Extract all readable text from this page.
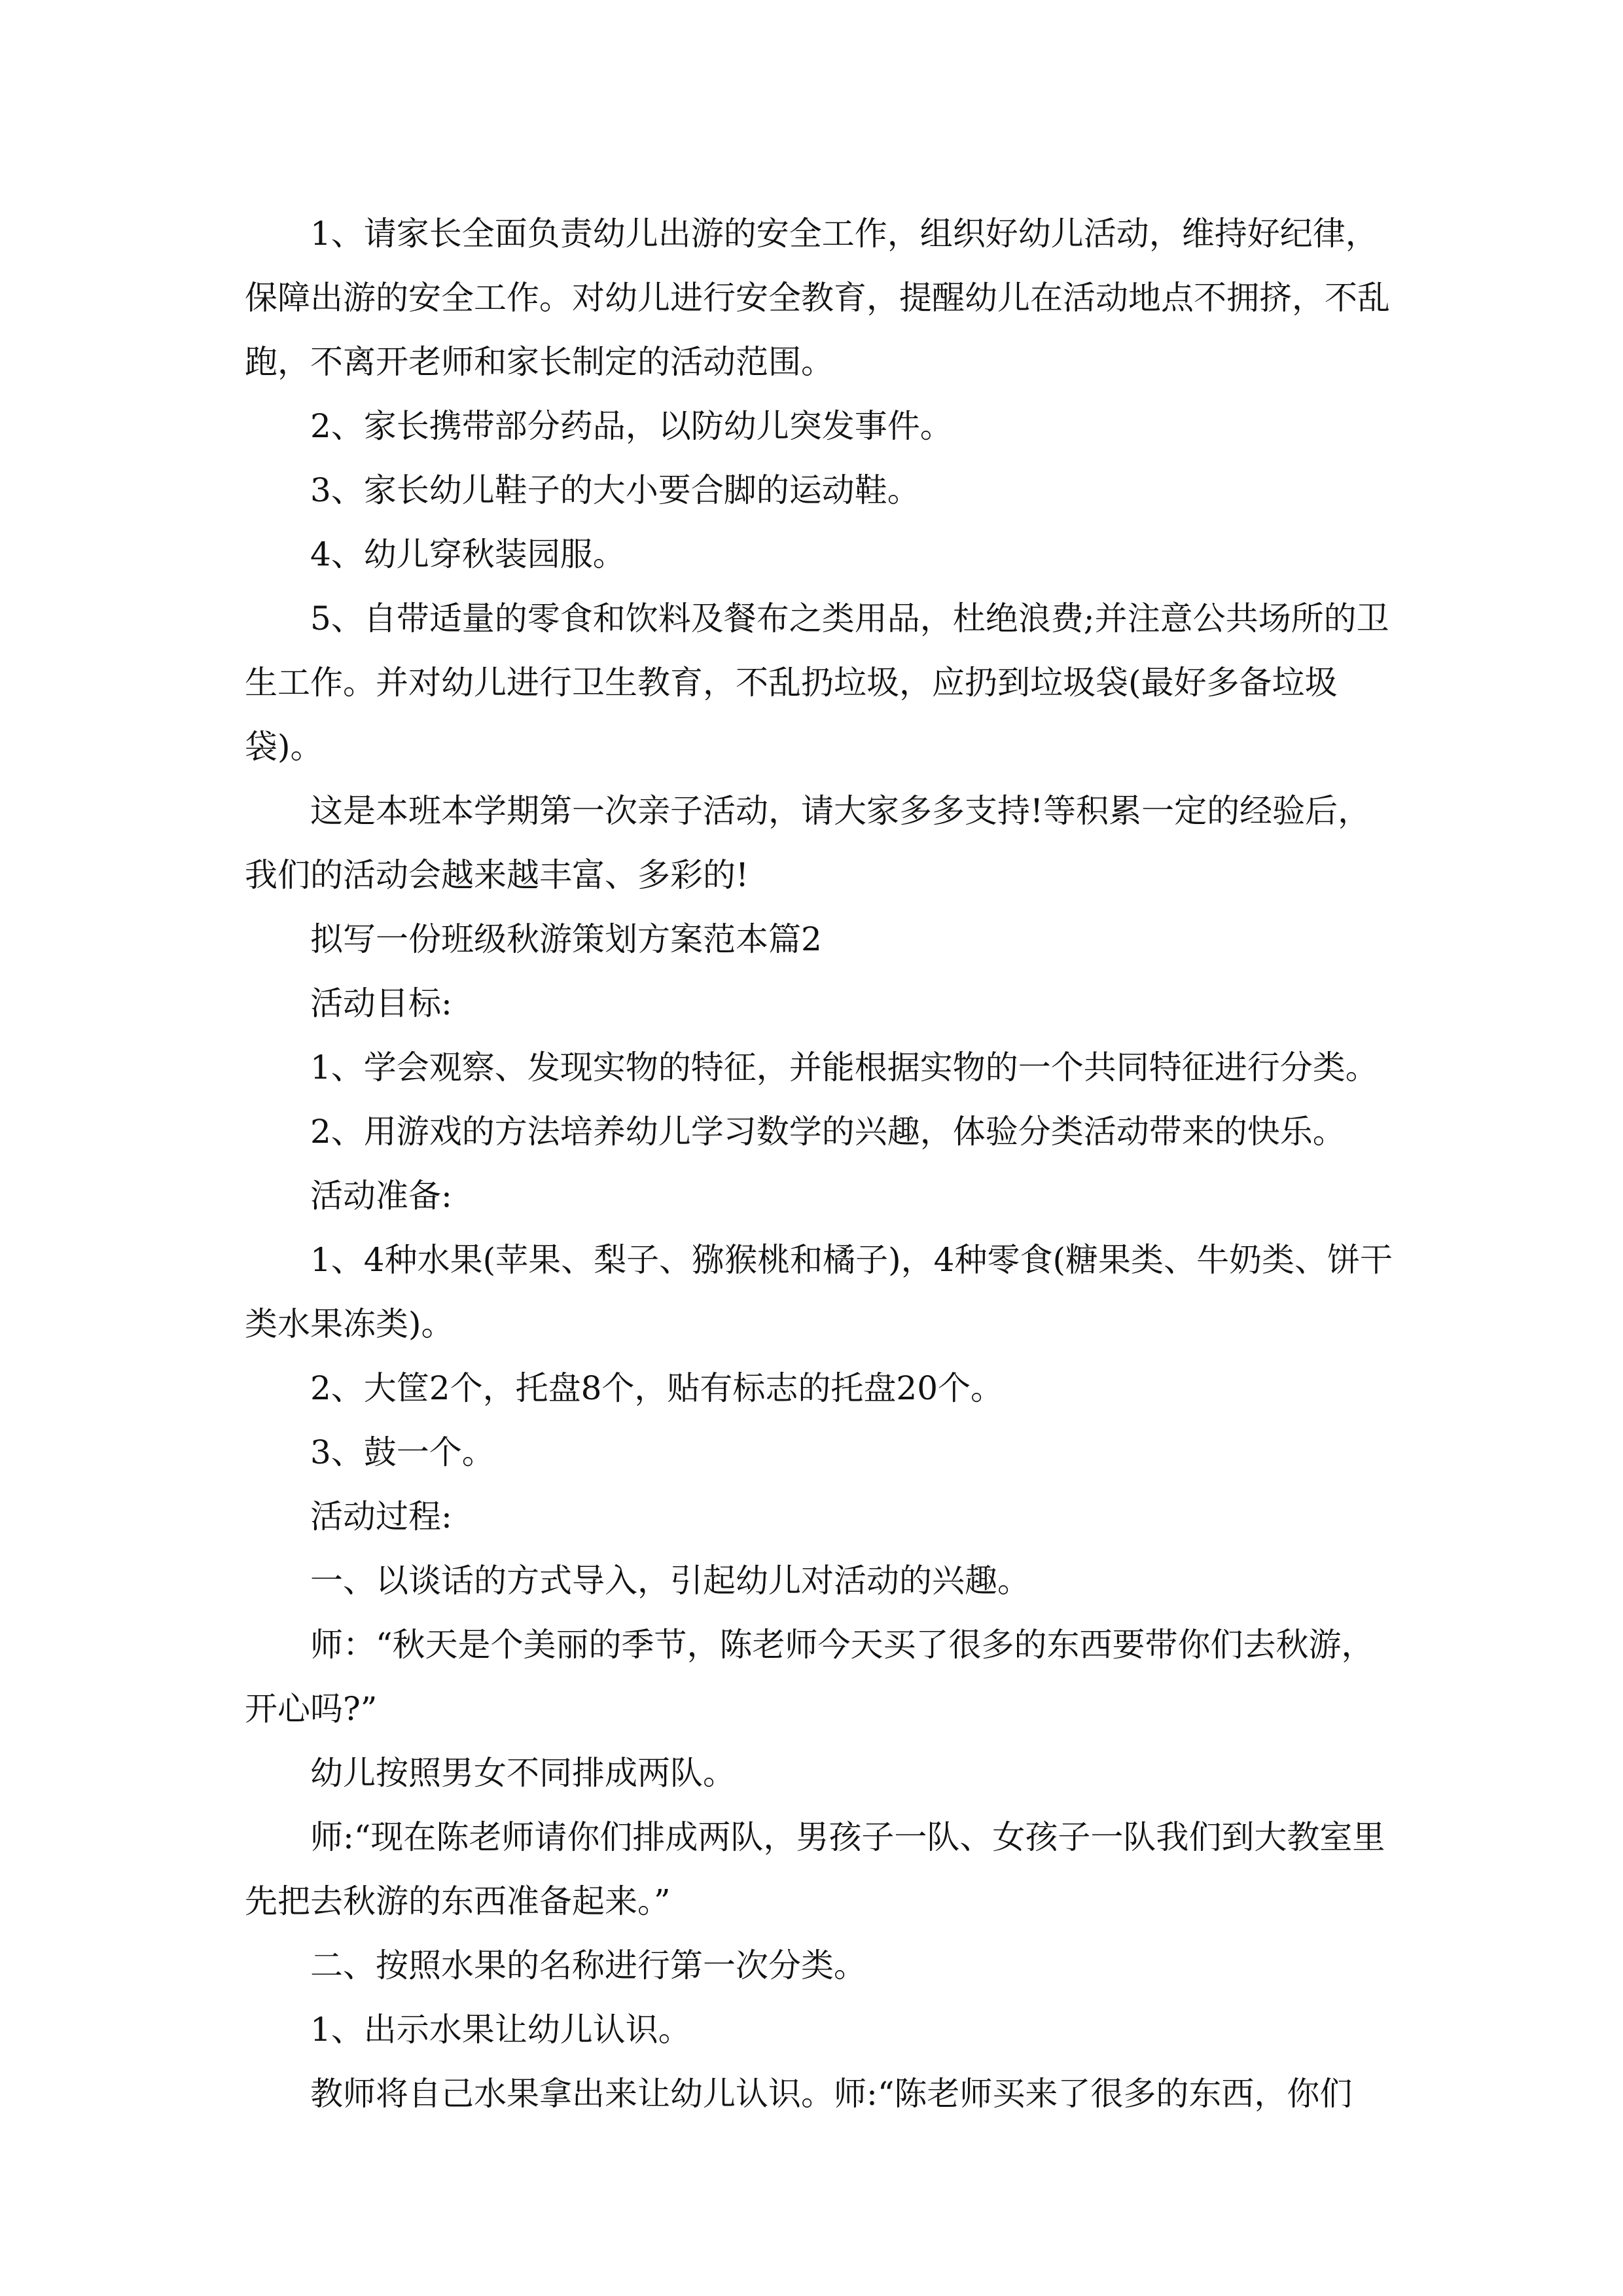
1、请家长全面负责幼儿出游的安全工作，组织好幼儿活动，维持好纪律，保障出游的安全工作。对幼儿进行安全教育，提醒幼儿在活动地点不拥挤，不乱跑，不离开老师和家长制定的活动范围。

2、家长携带部分药品，以防幼儿突发事件。

3、家长幼儿鞋子的大小要合脚的运动鞋。

4、幼儿穿秋装园服。

5、自带适量的零食和饮料及餐布之类用品，杜绝浪费;并注意公共场所的卫生工作。并对幼儿进行卫生教育，不乱扔垃圾，应扔到垃圾袋(最好多备垃圾袋)。

这是本班本学期第一次亲子活动，请大家多多支持!等积累一定的经验后，我们的活动会越来越丰富、多彩的!

拟写一份班级秋游策划方案范本篇2

活动目标:

1、学会观察、发现实物的特征，并能根据实物的一个共同特征进行分类。

2、用游戏的方法培养幼儿学习数学的兴趣，体验分类活动带来的快乐。

活动准备:

1、4种水果(苹果、梨子、猕猴桃和橘子)，4种零食(糖果类、牛奶类、饼干类水果冻类)。

2、大筐2个，托盘8个，贴有标志的托盘20个。

3、鼓一个。

活动过程:

一、以谈话的方式导入，引起幼儿对活动的兴趣。

师：“秋天是个美丽的季节，陈老师今天买了很多的东西要带你们去秋游，开心吗?”

幼儿按照男女不同排成两队。

师:“现在陈老师请你们排成两队，男孩子一队、女孩子一队我们到大教室里先把去秋游的东西准备起来。”

二、按照水果的名称进行第一次分类。

1、出示水果让幼儿认识。

教师将自己水果拿出来让幼儿认识。师:“陈老师买来了很多的东西，你们
